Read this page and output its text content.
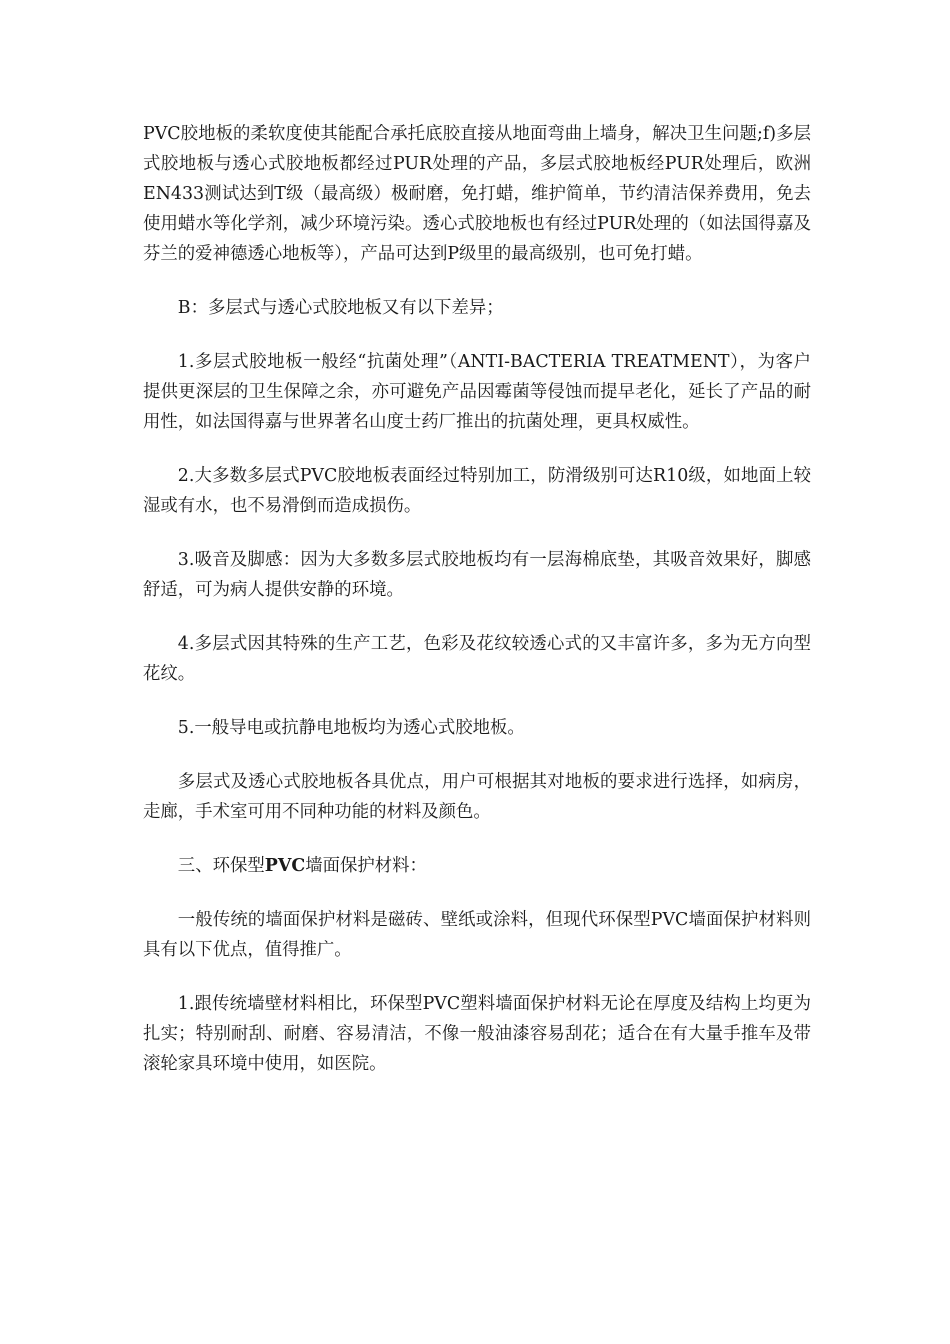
PVC胶地板的柔软度使其能配合承托底胶直接从地面弯曲上墙身，解决卫生问题;f)多层式胶地板与透心式胶地板都经过PUR处理的产品，多层式胶地板经PUR处理后，欧洲EN433测试达到T级（最高级）极耐磨，免打蜡，维护简单，节约清洁保养费用，免去使用蜡水等化学剂，减少环境污染。透心式胶地板也有经过PUR处理的（如法国得嘉及芬兰的爱神德透心地板等），产品可达到P级里的最高级别，也可免打蜡。

B：多层式与透心式胶地板又有以下差异；

1.多层式胶地板一般经“抗菌处理”（ANTI-BACTERIA TREATMENT），为客户提供更深层的卫生保障之余，亦可避免产品因霉菌等侵蚀而提早老化，延长了产品的耐用性，如法国得嘉与世界著名山度士药厂推出的抗菌处理，更具权威性。

2.大多数多层式PVC胶地板表面经过特别加工，防滑级别可达R10级，如地面上较湿或有水，也不易滑倒而造成损伤。

3.吸音及脚感：因为大多数多层式胶地板均有一层海棉底垫，其吸音效果好，脚感舒适，可为病人提供安静的环境。

4.多层式因其特殊的生产工艺，色彩及花纹较透心式的又丰富许多，多为无方向型花纹。

5.一般导电或抗静电地板均为透心式胶地板。

多层式及透心式胶地板各具优点，用户可根据其对地板的要求进行选择，如病房，走廊，手术室可用不同种功能的材料及颜色。

三、环保型PVC墙面保护材料：

一般传统的墙面保护材料是磁砖、壁纸或涂料，但现代环保型PVC墙面保护材料则具有以下优点，值得推广。

1.跟传统墙壁材料相比，环保型PVC塑料墙面保护材料无论在厚度及结构上均更为扎实；特别耐刮、耐磨、容易清洁，不像一般油漆容易刮花；适合在有大量手推车及带滚轮家具环境中使用，如医院。
